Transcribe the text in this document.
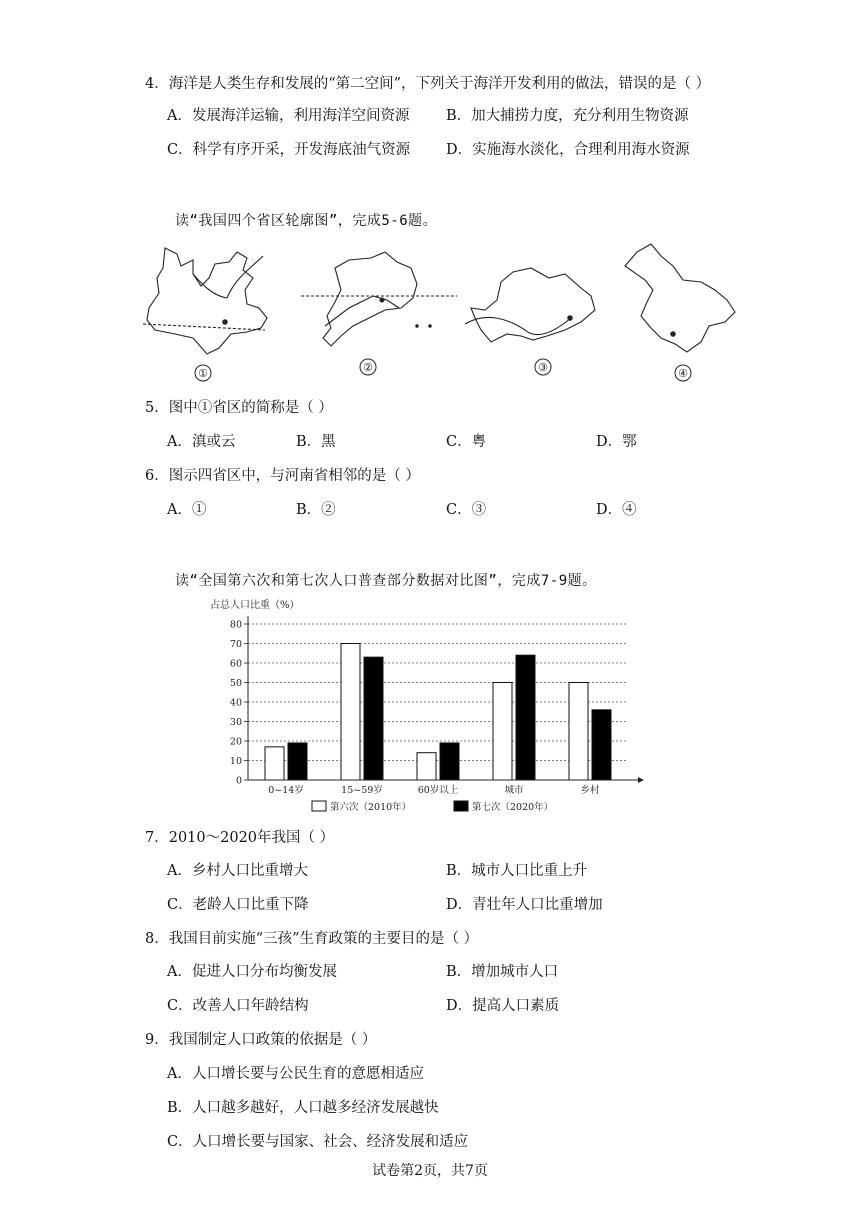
4．海洋是人类生存和发展的“第二空间”，下列关于海洋开发利用的做法，错误的是（ ）
A．发展海洋运输，利用海洋空间资源	B．加大捕捞力度，充分利用生物资源
C．科学有序开采，开发海底油气资源 D．实施海水淡化，合理利用海水资源
读“我国四个省区轮廓图”，完成5-6题。
①	②	③	④
5．图中①省区的简称是（ ）
A．滇或云	B．黑	C．粤	D．鄂
6．图示四省区中，与河南省相邻的是（ ）
A．①	B．②	C．③	D．④
读“全国第六次和第七次人口普查部分数据对比图”，完成7-9题。
占总人口比重（%）
0
10
20
30
40
50
60
70
80
0~14岁	15~59岁	60岁以上	城市	乡村
第六次（2010年）	第七次（2020年）
7．2010～2020年我国（ ）
A．乡村人口比重增大	B．城市人口比重上升
C．老龄人口比重下降	D．青壮年人口比重增加
8．我国目前实施“三孩”生育政策的主要目的是（ ）
A．促进人口分布均衡发展	B．增加城市人口
C．改善人口年龄结构	D．提高人口素质
9．我国制定人口政策的依据是（ ）
A．人口增长要与公民生育的意愿相适应
B．人口越多越好，人口越多经济发展越快
C．人口增长要与国家、社会、经济发展和适应
试卷第2页，共7页
